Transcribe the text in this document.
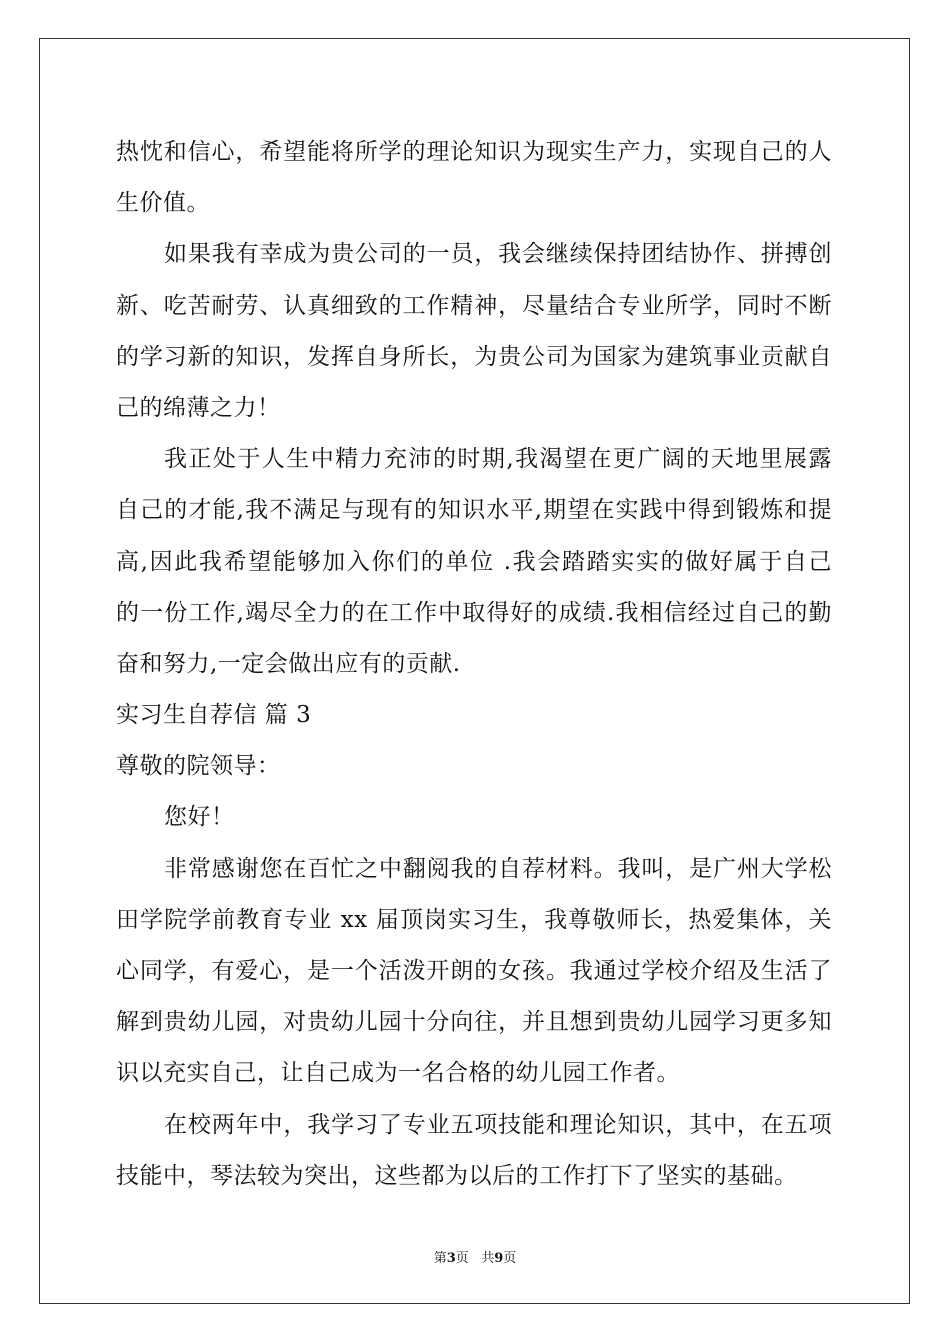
热忱和信心，希望能将所学的理论知识为现实生产力，实现自己的人
生价值。
如果我有幸成为贵公司的一员，我会继续保持团结协作、拼搏创
新、吃苦耐劳、认真细致的工作精神，尽量结合专业所学，同时不断
的学习新的知识，发挥自身所长，为贵公司为国家为建筑事业贡献自
己的绵薄之力！
我正处于人生中精力充沛的时期,我渴望在更广阔的天地里展露
自己的才能,我不满足与现有的知识水平,期望在实践中得到锻炼和提
高,因此我希望能够加入你们的单位 .我会踏踏实实的做好属于自己
的一份工作,竭尽全力的在工作中取得好的成绩.我相信经过自己的勤
奋和努力,一定会做出应有的贡献.
实习生自荐信 篇 3
尊敬的院领导：
您好！
非常感谢您在百忙之中翻阅我的自荐材料。我叫，是广州大学松
田学院学前教育专业 xx 届顶岗实习生，我尊敬师长，热爱集体，关
心同学，有爱心，是一个活泼开朗的女孩。我通过学校介绍及生活了
解到贵幼儿园，对贵幼儿园十分向往，并且想到贵幼儿园学习更多知
识以充实自己，让自己成为一名合格的幼儿园工作者。
在校两年中，我学习了专业五项技能和理论知识，其中，在五项
技能中，琴法较为突出，这些都为以后的工作打下了坚实的基础。
第3页 共9页
